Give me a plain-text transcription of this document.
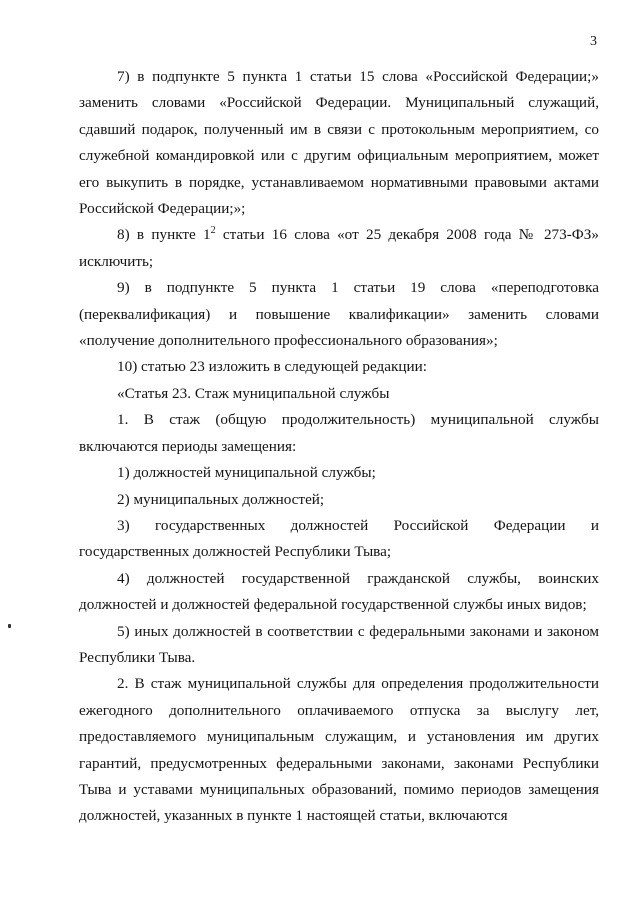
3

7) в подпункте 5 пункта 1 статьи 15 слова «Российской Федерации;» заменить словами «Российской Федерации. Муниципальный служащий, сдавший подарок, полученный им в связи с протокольным мероприятием, со служебной командировкой или с другим официальным мероприятием, может его выкупить в порядке, устанавливаемом нормативными правовыми актами Российской Федерации;»;

8) в пункте $1^2$ статьи 16 слова «от 25 декабря 2008 года № 273-ФЗ» исключить;

9) в подпункте 5 пункта 1 статьи 19 слова «переподготовка (переквалификация) и повышение квалификации» заменить словами «получение дополнительного профессионального образования»;

10) статью 23 изложить в следующей редакции:

«Статья 23. Стаж муниципальной службы

1. В стаж (общую продолжительность) муниципальной службы включаются периоды замещения:

1) должностей муниципальной службы;

2) муниципальных должностей;

3) государственных должностей Российской Федерации и государственных должностей Республики Тыва;

4) должностей государственной гражданской службы, воинских должностей и должностей федеральной государственной службы иных видов;

5) иных должностей в соответствии с федеральными законами и законом Республики Тыва.

2. В стаж муниципальной службы для определения продолжительности ежегодного дополнительного оплачиваемого отпуска за выслугу лет, предоставляемого муниципальным служащим, и установления им других гарантий, предусмотренных федеральными законами, законами Республики Тыва и уставами муниципальных образований, помимо периодов замещения должностей, указанных в пункте 1 настоящей статьи, включаются
